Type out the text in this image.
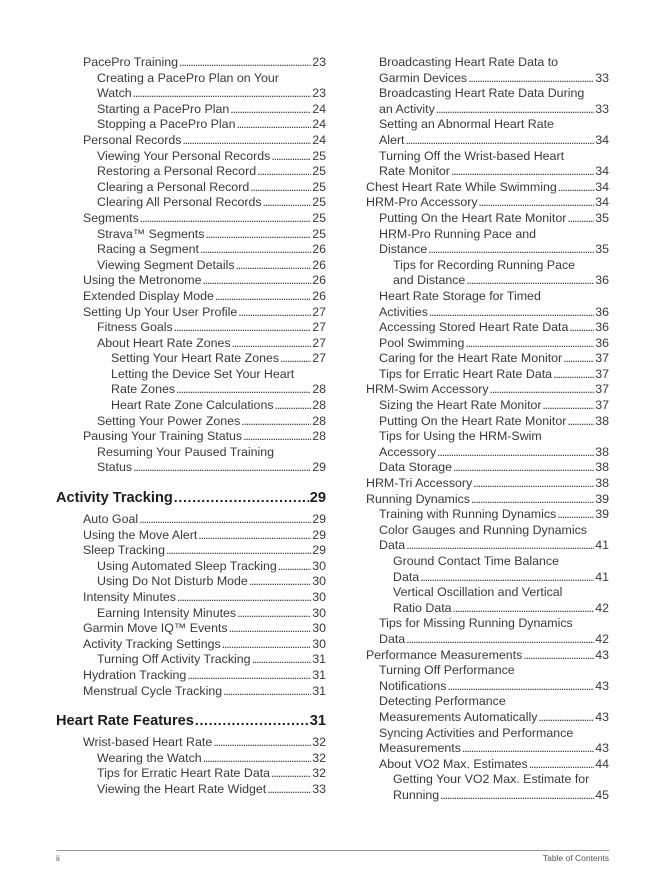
PacePro Training . . .	23
Creating a PacePro Plan on Your
Watch . . .	23
Starting a PacePro Plan . . .	24
Stopping a PacePro Plan . . .	24
Personal Records . . .	24
Viewing Your Personal Records . . .	25
Restoring a Personal Record . . .	25
Clearing a Personal Record . . .	25
Clearing All Personal Records . . .	25
Segments . . .	25
Strava™ Segments . . .	25
Racing a Segment . . .	26
Viewing Segment Details . . .	26
Using the Metronome . . .	26
Extended Display Mode . . .	26
Setting Up Your User Profile . . .	27
Fitness Goals . . .	27
About Heart Rate Zones . . .	27
Setting Your Heart Rate Zones . . .	27
Letting the Device Set Your Heart
Rate Zones . . .	28
Heart Rate Zone Calculations . . .	28
Setting Your Power Zones . . .	28
Pausing Your Training Status . . .	28
Resuming Your Paused Training
Status . . .	29
Activity Tracking . . .	29
Auto Goal . . .	29
Using the Move Alert . . .	29
Sleep Tracking . . .	29
Using Automated Sleep Tracking . . .	30
Using Do Not Disturb Mode . . .	30
Intensity Minutes . . .	30
Earning Intensity Minutes . . .	30
Garmin Move IQ™ Events . . .	30
Activity Tracking Settings . . .	30
Turning Off Activity Tracking . . .	31
Hydration Tracking . . .	31
Menstrual Cycle Tracking . . .	31
Heart Rate Features . . .	31
Wrist-based Heart Rate . . .	32
Wearing the Watch . . .	32
Tips for Erratic Heart Rate Data . . .	32
Viewing the Heart Rate Widget . . .	33
Broadcasting Heart Rate Data to
Garmin Devices . . .	33
Broadcasting Heart Rate Data During
an Activity . . .	33
Setting an Abnormal Heart Rate
Alert . . .	34
Turning Off the Wrist-based Heart
Rate Monitor . . .	34
Chest Heart Rate While Swimming . . .	34
HRM-Pro Accessory . . .	34
Putting On the Heart Rate Monitor . . . 35
HRM-Pro Running Pace and
Distance . . .	35
Tips for Recording Running Pace
and Distance . . .	36
Heart Rate Storage for Timed
Activities . . .	36
Accessing Stored Heart Rate Data . . . 36
Pool Swimming . . .	36
Caring for the Heart Rate Monitor . . .	37
Tips for Erratic Heart Rate Data . . .	37
HRM-Swim Accessory . . .	37
Sizing the Heart Rate Monitor . . .	37
Putting On the Heart Rate Monitor . . . 38
Tips for Using the HRM-Swim
Accessory . . .	38
Data Storage . . .	38
HRM-Tri Accessory . . .	38
Running Dynamics . . .	39
Training with Running Dynamics . . .	39
Color Gauges and Running Dynamics
Data . . .	41
Ground Contact Time Balance
Data . . .	41
Vertical Oscillation and Vertical
Ratio Data . . .	42
Tips for Missing Running Dynamics
Data . . .	42
Performance Measurements . . .	43
Turning Off Performance
Notifications . . .	43
Detecting Performance
Measurements Automatically . . .	43
Syncing Activities and Performance
Measurements . . .	43
About VO2 Max. Estimates . . .	44
Getting Your VO2 Max. Estimate for
Running . . .	45
ii	Table of Contents
